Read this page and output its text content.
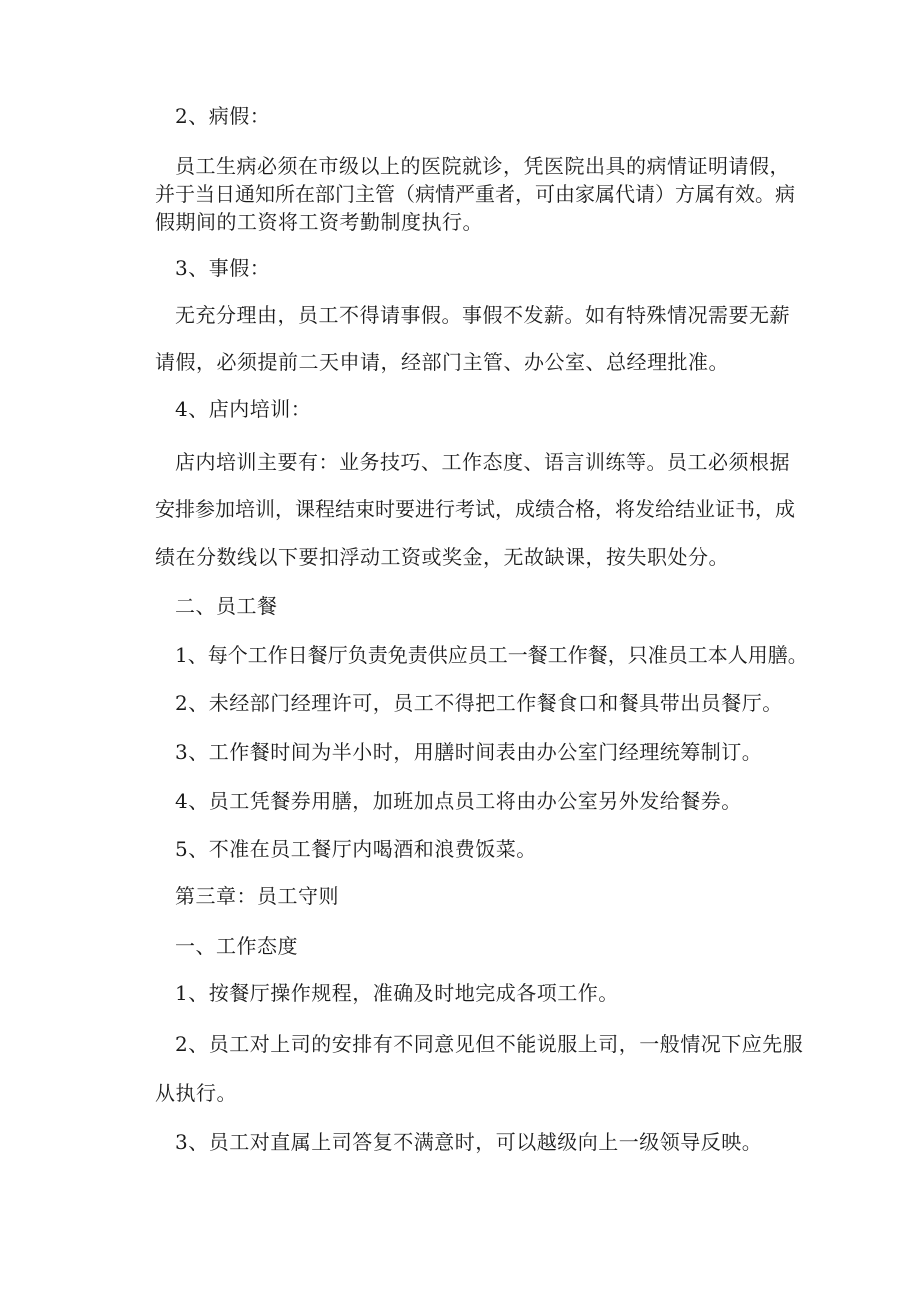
2、病假：
员工生病必须在市级以上的医院就诊，凭医院出具的病情证明请假，
并于当日通知所在部门主管（病情严重者，可由家属代请）方属有效。病
假期间的工资将工资考勤制度执行。
3、事假：
无充分理由，员工不得请事假。事假不发薪。如有特殊情况需要无薪
请假，必须提前二天申请，经部门主管、办公室、总经理批准。
4、店内培训：
店内培训主要有：业务技巧、工作态度、语言训练等。员工必须根据
安排参加培训，课程结束时要进行考试，成绩合格，将发给结业证书，成
绩在分数线以下要扣浮动工资或奖金，无故缺课，按失职处分。
二、员工餐
1、每个工作日餐厅负责免责供应员工一餐工作餐，只准员工本人用膳。
2、未经部门经理许可，员工不得把工作餐食口和餐具带出员餐厅。
3、工作餐时间为半小时，用膳时间表由办公室门经理统筹制订。
4、员工凭餐券用膳，加班加点员工将由办公室另外发给餐券。
5、不准在员工餐厅内喝酒和浪费饭菜。
第三章：员工守则
一、工作态度
1、按餐厅操作规程，准确及时地完成各项工作。
2、员工对上司的安排有不同意见但不能说服上司，一般情况下应先服
从执行。
3、员工对直属上司答复不满意时，可以越级向上一级领导反映。
